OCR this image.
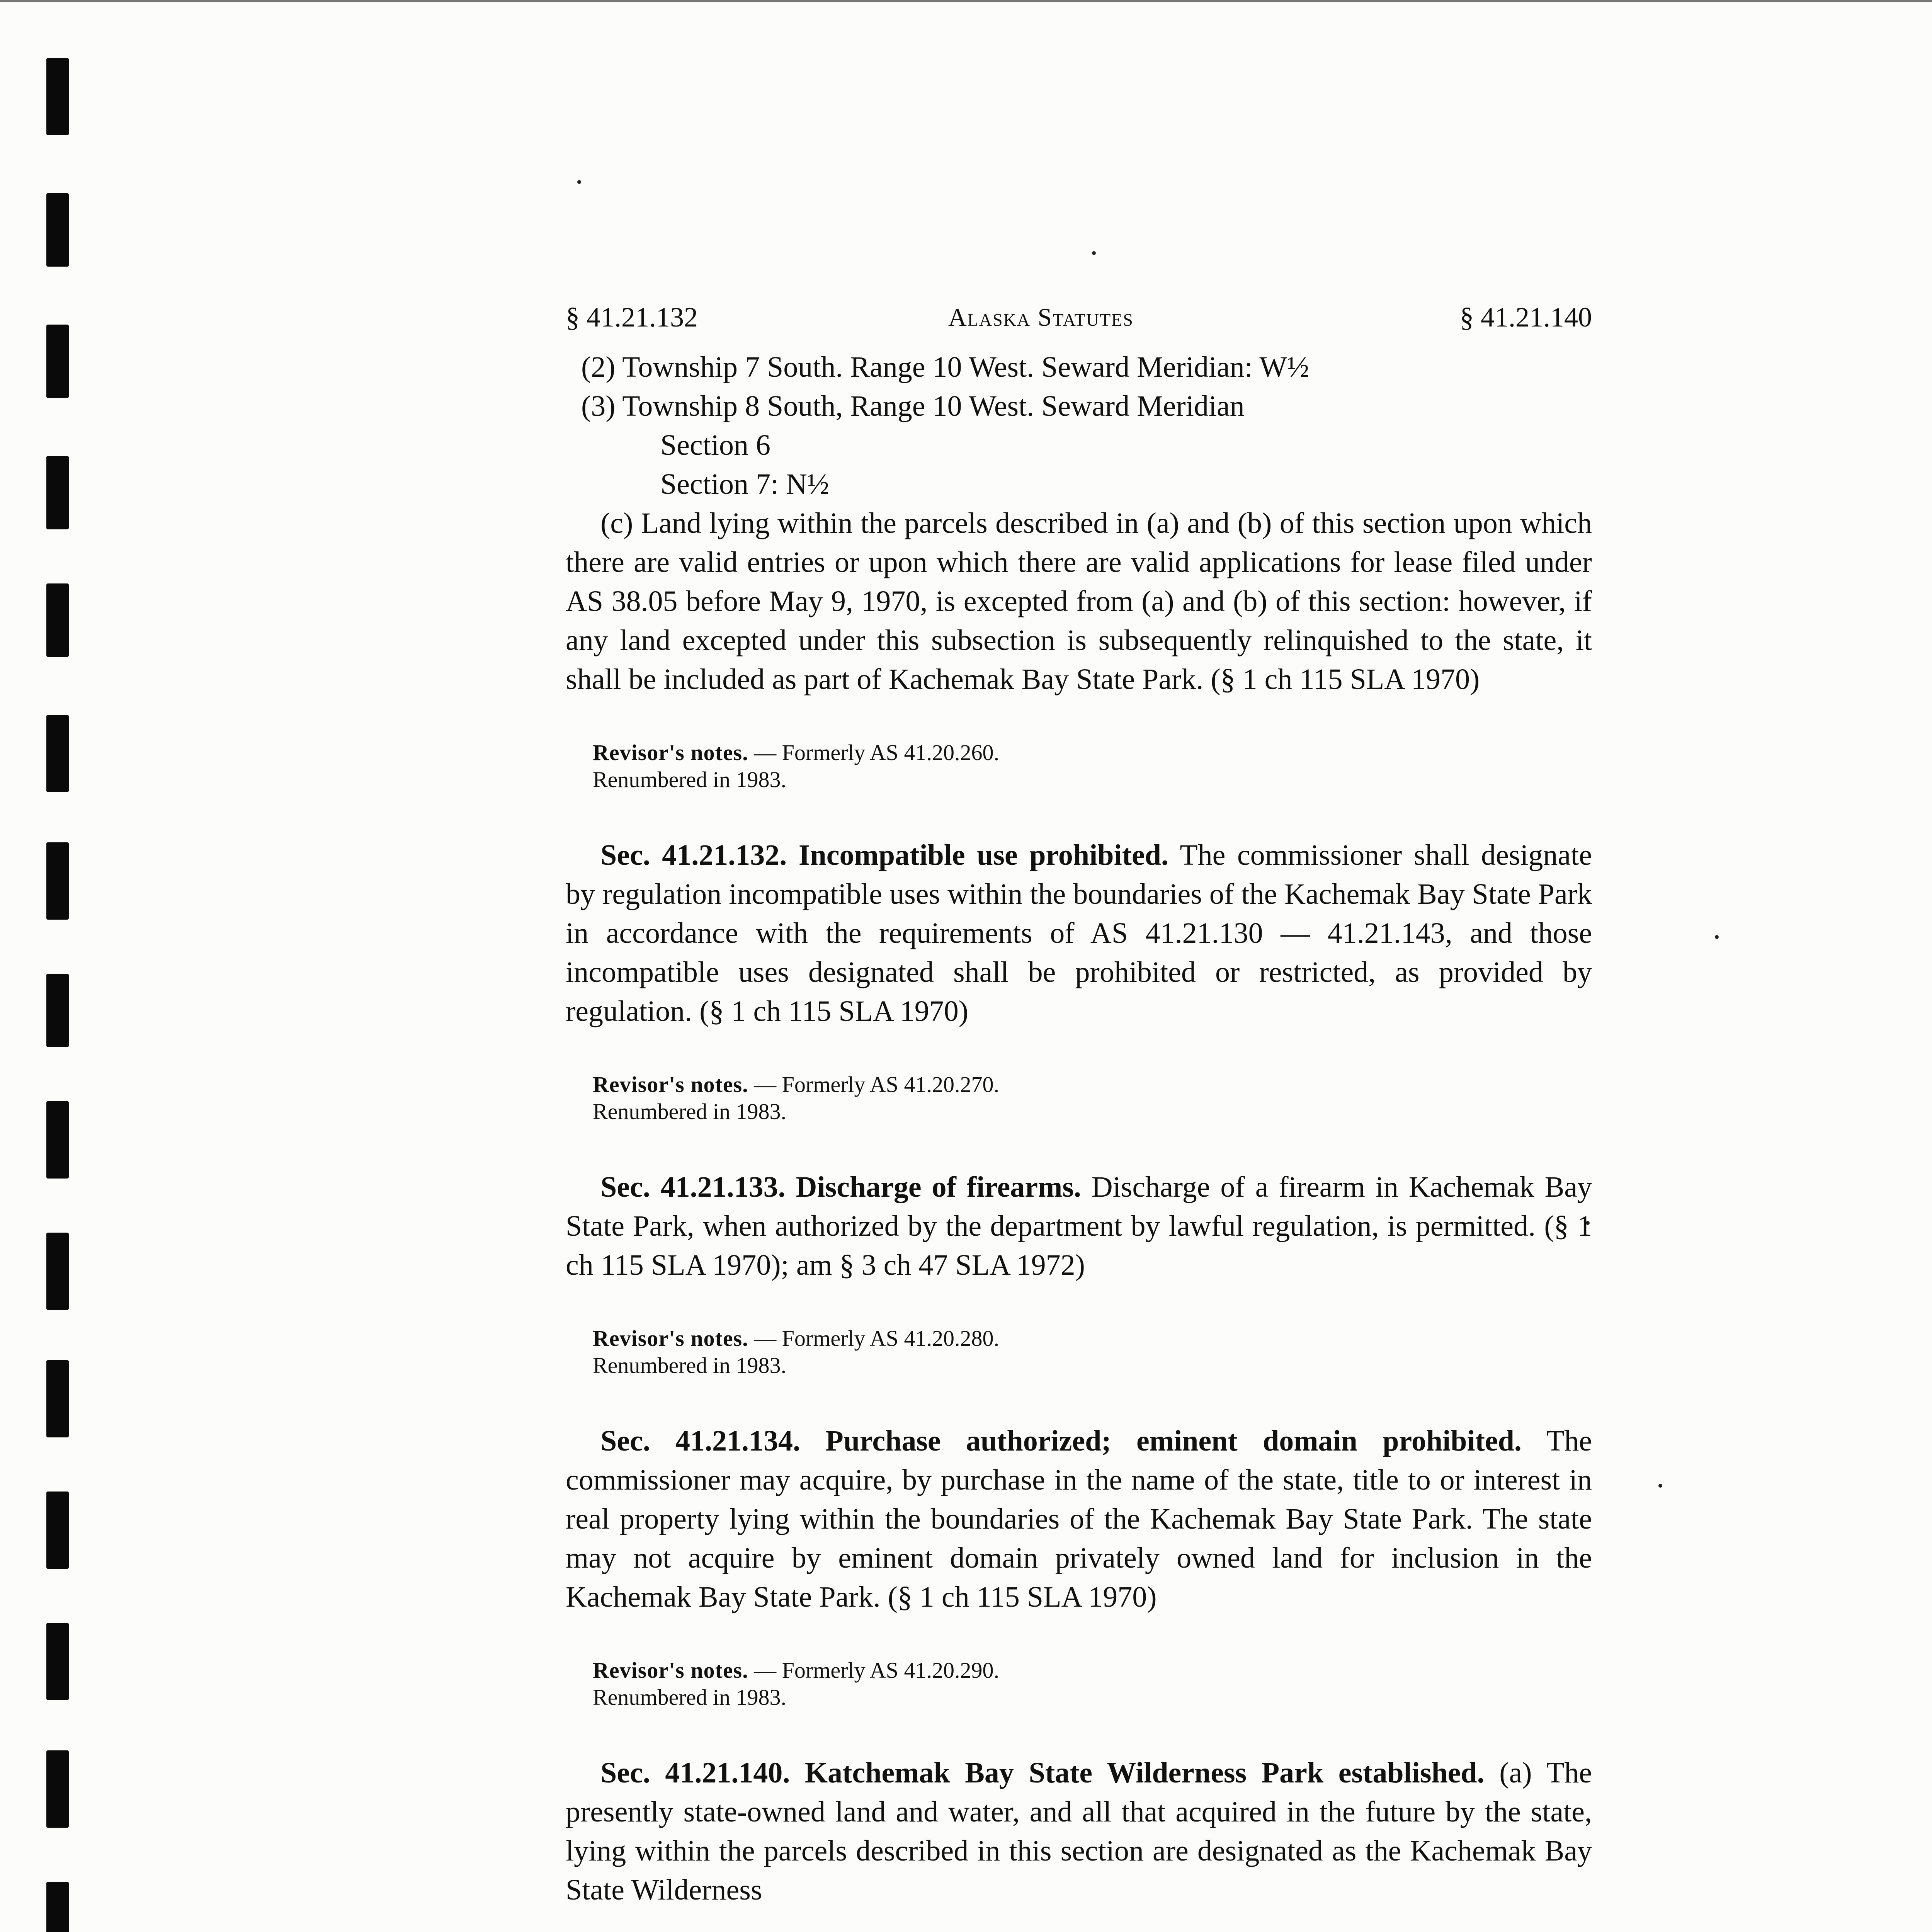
§ 41.21.132	Alaska Statutes	§ 41.21.140

(2) Township 7 South. Range 10 West. Seward Meridian: W½

(3) Township 8 South, Range 10 West. Seward Meridian

Section 6

Section 7: N½

(c) Land lying within the parcels described in (a) and (b) of this section upon which there are valid entries or upon which there are valid applications for lease filed under AS 38.05 before May 9, 1970, is excepted from (a) and (b) of this section: however, if any land excepted under this subsection is subsequently relinquished to the state, it shall be included as part of Kachemak Bay State Park. (§ 1 ch 115 SLA 1970)

Revisor's notes. — Formerly AS 41.20.260. Renumbered in 1983.

Sec. 41.21.132. Incompatible use prohibited. The commissioner shall designate by regulation incompatible uses within the boundaries of the Kachemak Bay State Park in accordance with the requirements of AS 41.21.130 — 41.21.143, and those incompatible uses designated shall be prohibited or restricted, as provided by regulation. (§ 1 ch 115 SLA 1970)

Revisor's notes. — Formerly AS 41.20.270. Renumbered in 1983.

Sec. 41.21.133. Discharge of firearms. Discharge of a firearm in Kachemak Bay State Park, when authorized by the department by lawful regulation, is permitted. (§ 1 ch 115 SLA 1970); am § 3 ch 47 SLA 1972)

Revisor's notes. — Formerly AS 41.20.280. Renumbered in 1983.

Sec. 41.21.134. Purchase authorized; eminent domain prohibited. The commissioner may acquire, by purchase in the name of the state, title to or interest in real property lying within the boundaries of the Kachemak Bay State Park. The state may not acquire by eminent domain privately owned land for inclusion in the Kachemak Bay State Park. (§ 1 ch 115 SLA 1970)

Revisor's notes. — Formerly AS 41.20.290. Renumbered in 1983.

Sec. 41.21.140. Katchemak Bay State Wilderness Park established. (a) The presently state-owned land and water, and all that acquired in the future by the state, lying within the parcels described in this section are designated as the Kachemak Bay State Wilderness
